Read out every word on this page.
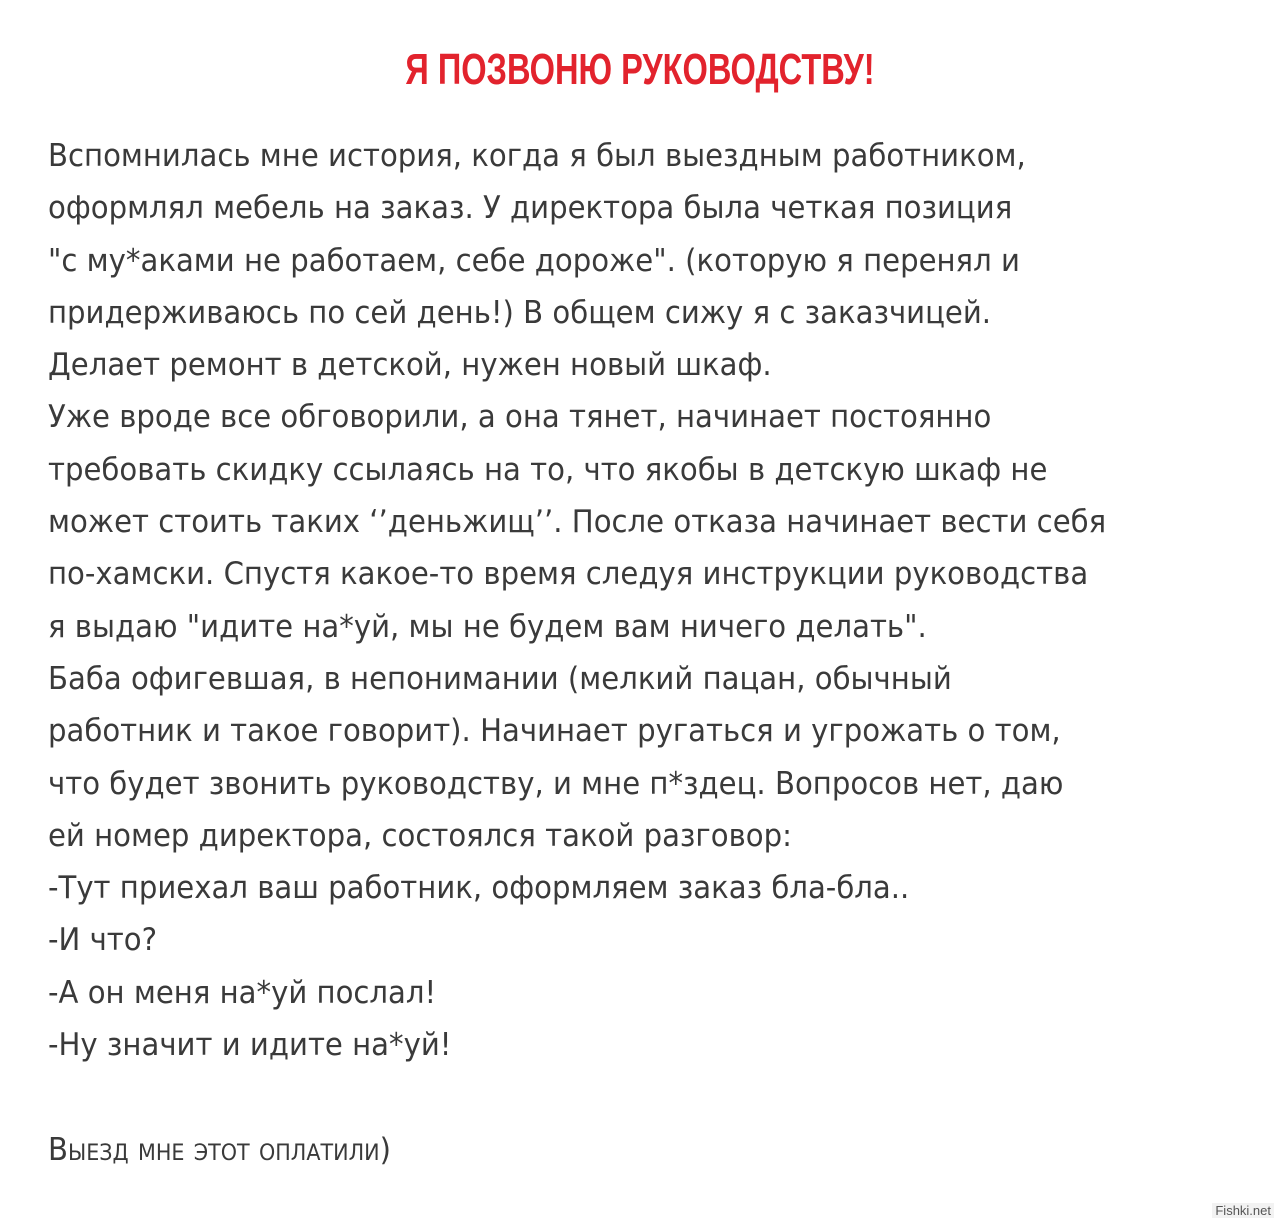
Я ПОЗВОНЮ РУКОВОДСТВУ!
Вспомнилась мне история, когда я был выездным работником,
оформлял мебель на заказ. У директора была четкая позиция
"с му*аками не работаем, себе дороже". (которую я перенял и
придерживаюсь по сей день!) В общем сижу я с заказчицей.
Делает ремонт в детской, нужен новый шкаф.
Уже вроде все обговорили, а она тянет, начинает постоянно
требовать скидку ссылаясь на то, что якобы в детскую шкаф не
может стоить таких ‘’деньжищ’’. После отказа начинает вести себя
по-хамски. Спустя какое-то время следуя инструкции руководства
я выдаю "идите на*уй, мы не будем вам ничего делать".
Баба офигевшая, в непонимании (мелкий пацан, обычный
работник и такое говорит). Начинает ругаться и угрожать о том,
что будет звонить руководству, и мне п*здец. Вопросов нет, даю
ей номер директора, состоялся такой разговор:
-Тут приехал ваш работник, оформляем заказ бла-бла..
-И что?
-А он меня на*уй послал!
-Ну значит и идите на*уй!
Выезд мне этот оплатили)
Fishki.net
